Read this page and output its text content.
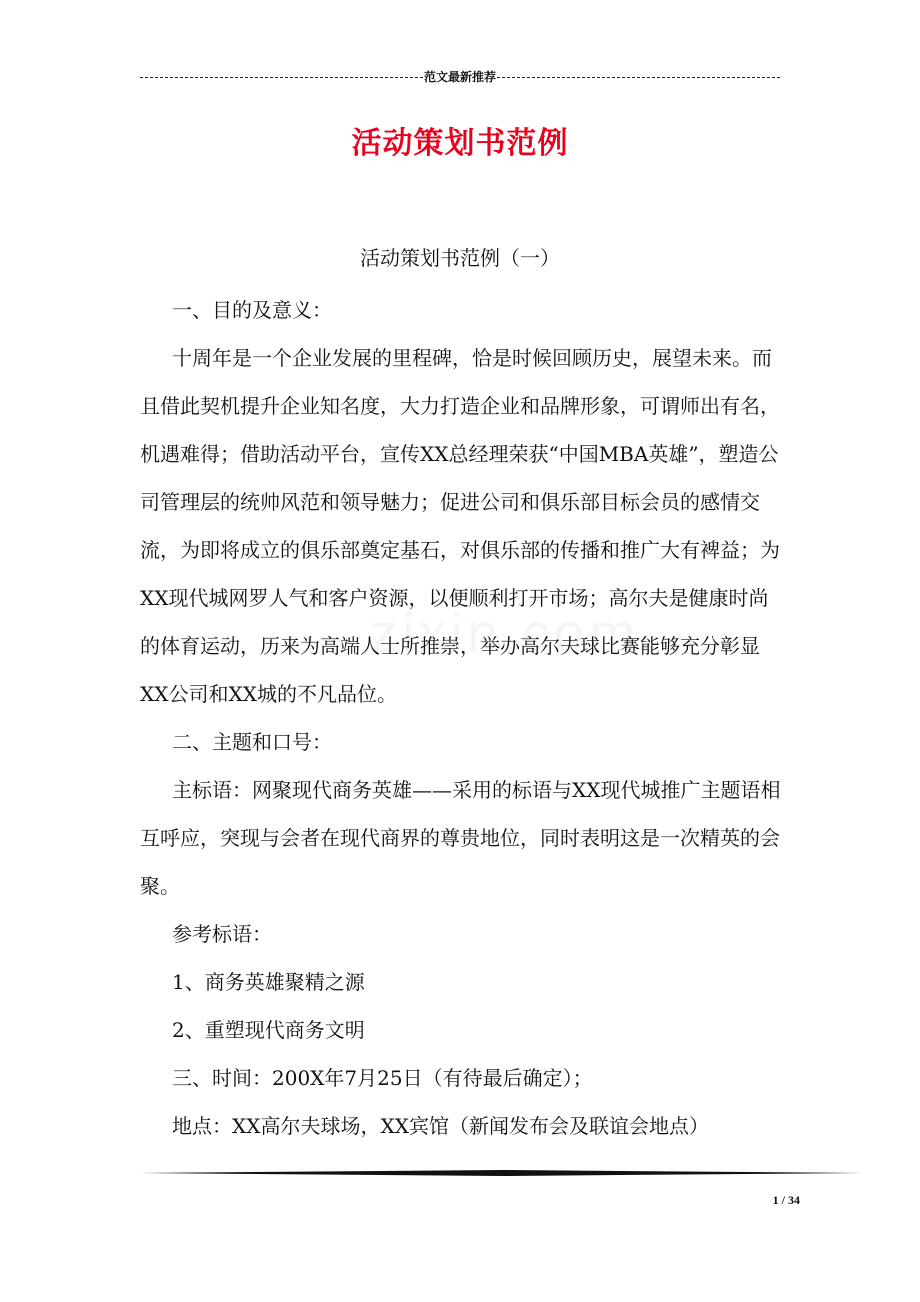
范文最新推荐
活动策划书范例
活动策划书范例（一）

一、目的及意义：

十周年是一个企业发展的里程碑，恰是时候回顾历史，展望未来。而且借此契机提升企业知名度，大力打造企业和品牌形象，可谓师出有名，机遇难得；借助活动平台，宣传XX总经理荣获“中国MBA英雄”，塑造公司管理层的统帅风范和领导魅力；促进公司和俱乐部目标会员的感情交流，为即将成立的俱乐部奠定基石，对俱乐部的传播和推广大有裨益；为XX现代城网罗人气和客户资源，以便顺利打开市场；高尔夫是健康时尚的体育运动，历来为高端人士所推崇，举办高尔夫球比赛能够充分彰显XX公司和XX城的不凡品位。

二、主题和口号：

主标语：网聚现代商务英雄——采用的标语与XX现代城推广主题语相互呼应，突现与会者在现代商界的尊贵地位，同时表明这是一次精英的会聚。

参考标语：

1、商务英雄聚精之源

2、重塑现代商务文明

三、时间：200X年7月25日（有待最后确定）；

地点：XX高尔夫球场，XX宾馆（新闻发布会及联谊会地点）

1 / 34
